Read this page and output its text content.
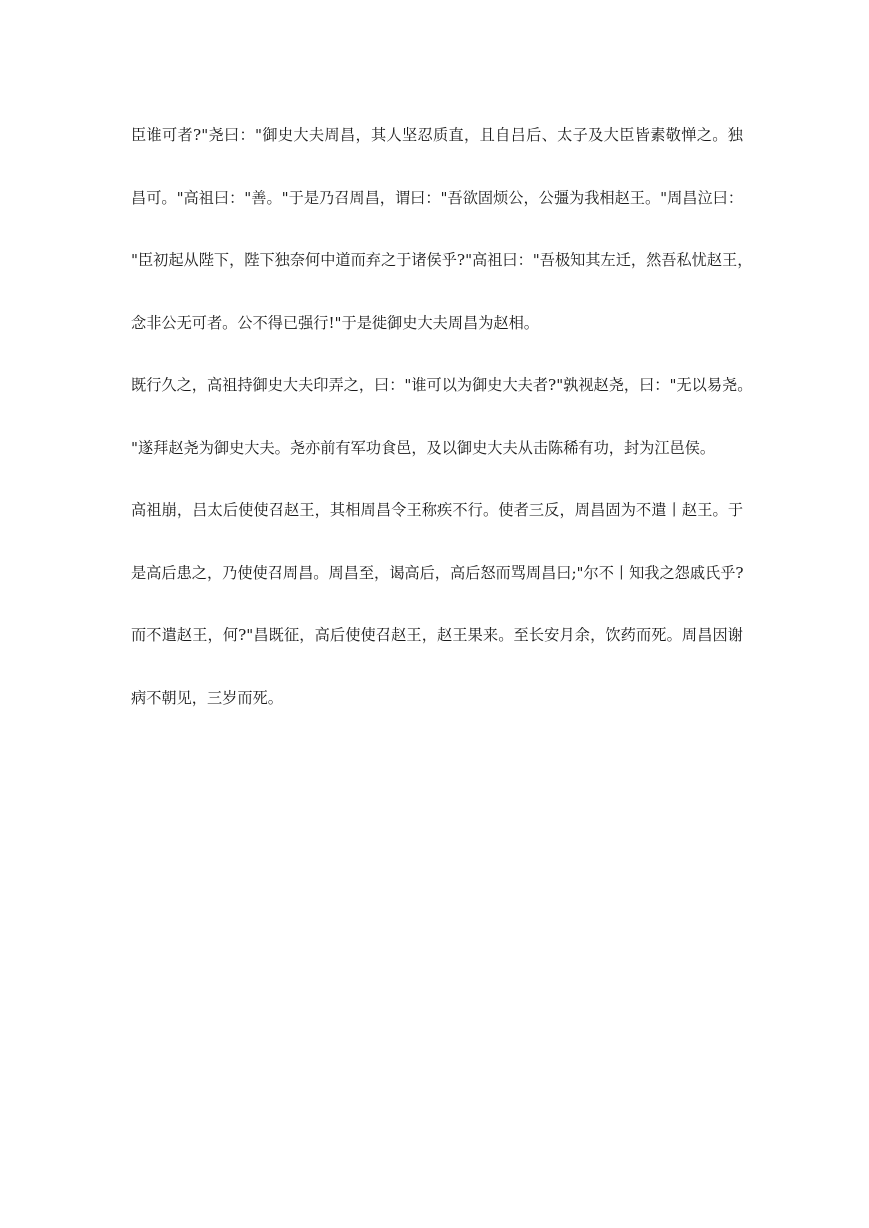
臣谁可者?"尧曰："御史大夫周昌，其人坚忍质直，且自吕后、太子及大臣皆素敬惮之。独
昌可。"高祖曰："善。"于是乃召周昌，谓曰："吾欲固烦公，公彊为我相赵王。"周昌泣曰：
"臣初起从陛下，陛下独奈何中道而弃之于诸侯乎?"高祖曰："吾极知其左迁，然吾私忧赵王，
念非公无可者。公不得已强行!"于是徙御史大夫周昌为赵相。
既行久之，高祖持御史大夫印弄之，曰："谁可以为御史大夫者?"孰视赵尧，曰："无以易尧。
"遂拜赵尧为御史大夫。尧亦前有军功食邑，及以御史大夫从击陈稀有功，封为江邑侯。
高祖崩，吕太后使使召赵王，其相周昌令王称疾不行。使者三反，周昌固为不遣丨赵王。于
是高后患之，乃使使召周昌。周昌至，谒高后，高后怒而骂周昌曰;"尔不丨知我之怨戚氏乎?
而不遣赵王，何?"昌既征，高后使使召赵王，赵王果来。至长安月余，饮药而死。周昌因谢
病不朝见，三岁而死。
